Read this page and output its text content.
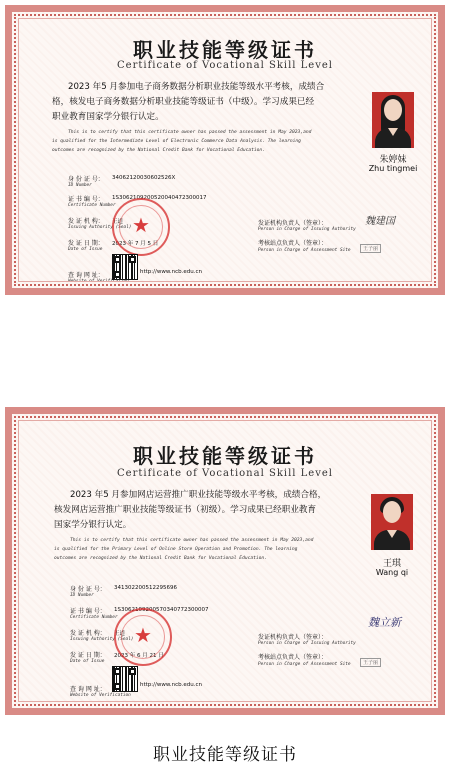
职业技能等级证书
Certificate of Vocational Skill Level
2023 年5 月参加电子商务数据分析职业技能等级水平考核，成绩合
格，核发电子商务数据分析职业技能等级证书（中级）。学习成果已经
职业教育国家学分银行认定。
This is to certify that this certificate owner has passed the assessment in May 2023,and
is qualified for the Intermediate Level of Electronic Commerce Data Analysis. The learning
outcomes are recognized by the National Credit Bank for Vocational Education.
朱婷妹
Zhu tingmei
身 份 证 号： 34062120030602526X
ID Number
证 书 编 号： 1S3062109200520040472300017
Certificate Number
发 证 机 构： 王道
Issuing Authority (Seal)
发 证 日 期： 2023 年 7 月 5 日
Date of Issue
★
查 询 网 址：	http://www.ncb.edu.cn
Website of Verification
发证机构负责人（签章）：
Person in Charge of Issuing Authority
魏建国
考核站点负责人（签章）：
Person in Charge of Assessment Site	王子丽
职业技能等级证书
Certificate of Vocational Skill Level
2023 年5 月参加网店运营推广职业技能等级水平考核，成绩合格，
核发网店运营推广职业技能等级证书（初级）。学习成果已经职业教育
国家学分银行认定。
This is to certify that this certificate owner has passed the assessment in May 2023,and
is qualified for the Primary Level of Online Store Operation and Promotion. The learning
outcomes are recognized by the National Credit Bank for Vocational Education.
王琪
Wang qi
身 份 证 号： 341302200512295696
ID Number
证 书 编 号： 1S3062109200570340772300007
Certificate Number
发 证 机 构： 王道
Issuing Authority (Seal)
发 证 日 期： 2023 年 6 月 21 日
Date of Issue
★
查 询 网 址：
http://www.ncb.edu.cn
Website of Verification
发证机构负责人（签章）：
Person in Charge of Issuing Authority
魏立新
考核站点负责人（签章）：
Person in Charge of Assessment Site	王子丽
职业技能等级证书
